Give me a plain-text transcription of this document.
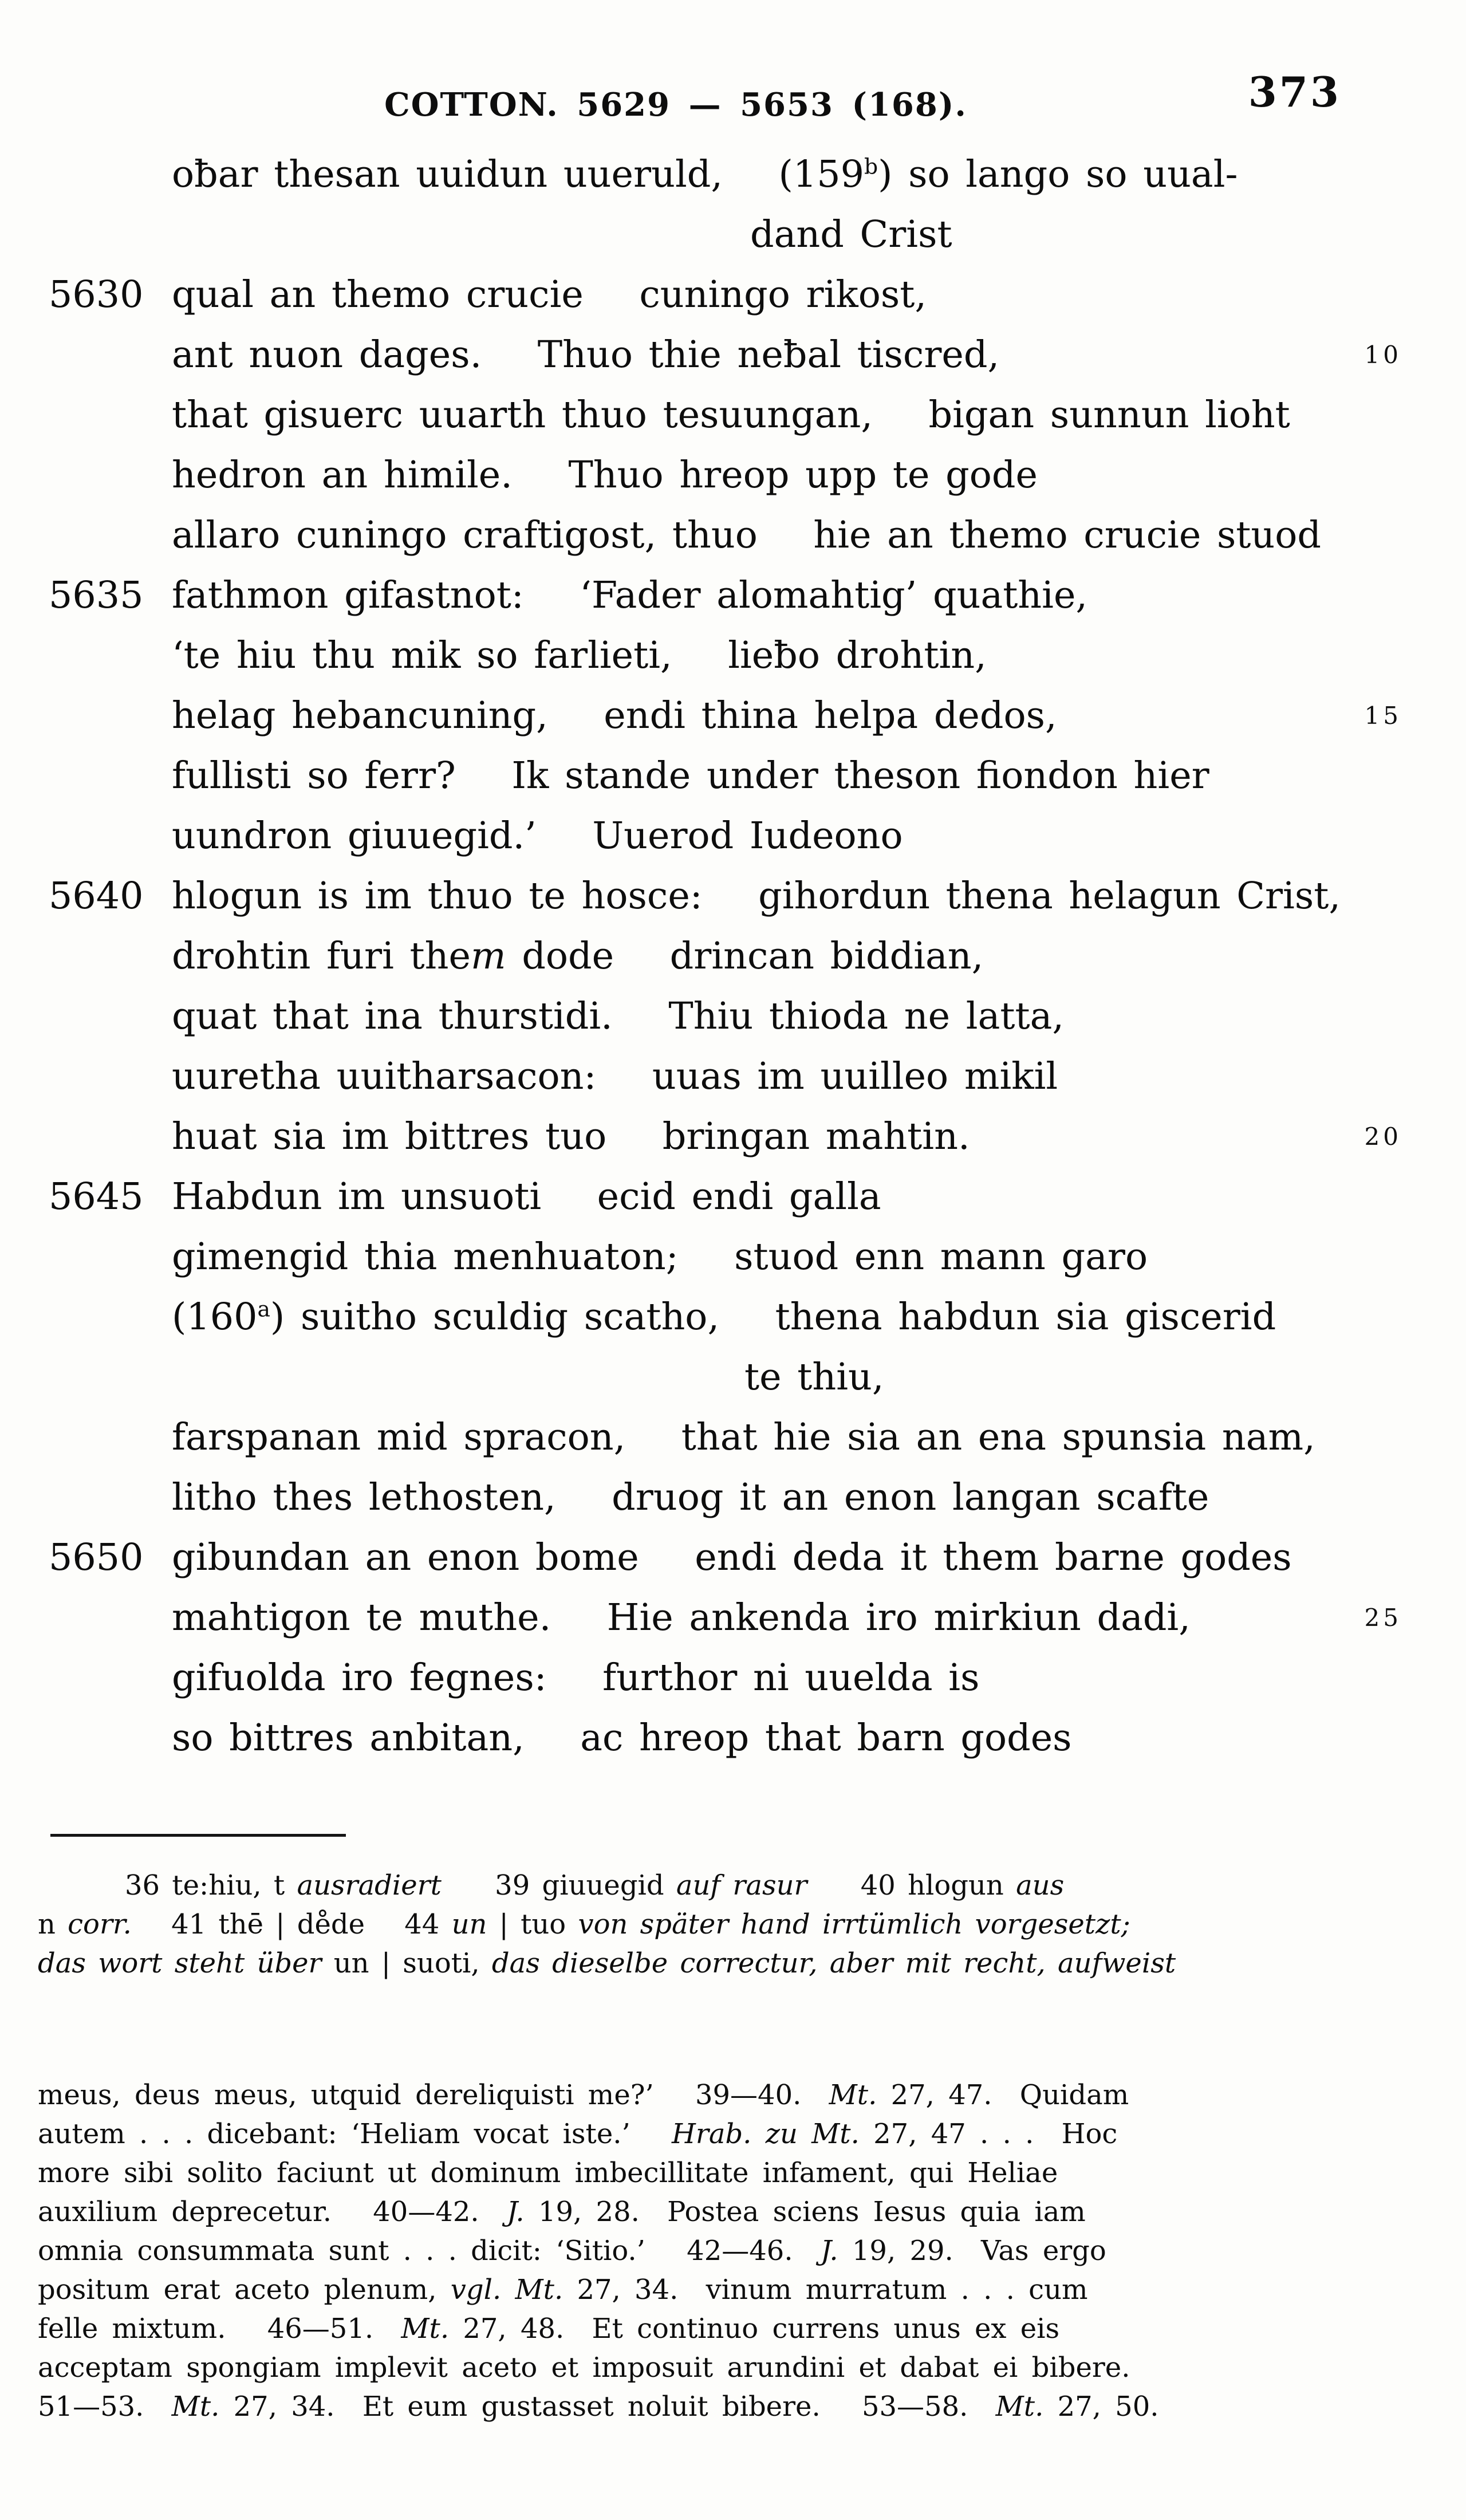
COTTON. 5629 — 5653 (168).	373
oƀar thesan uuidun uueruld,  (159$^b$) so lango so uual-
dand Crist
5630 qual an themo crucie  cuningo rikost,
ant nuon dages.  Thuo thie neƀal tiscred,	10
that gisuerc uuarth thuo tesuungan,  bigan sunnun lioht
hedron an himile.  Thuo hreop upp te gode
allaro cuningo craftigost, thuo  hie an themo crucie stuod
5635 fathmon gifastnot:  ‘Fader alomahtig’ quathie,
‘te hiu thu mik so farlieti,  lieƀo drohtin,
helag hebancuning,  endi thina helpa dedos,	15
fullisti so ferr?  Ik stande under theson fiondon hier
uundron giuuegid.’  Uuerod Iudeono
5640 hlogun is im thuo te hosce:  gihordun thena helagun Crist,
drohtin furi them dode  drincan biddian,
quat that ina thurstidi.  Thiu thioda ne latta,
uuretha uuitharsacon:  uuas im uuilleo mikil
huat sia im bittres tuo  bringan mahtin.	20
5645 Habdun im unsuoti  ecid endi galla
gimengid thia menhuaton;  stuod enn mann garo
(160$^a$) suitho sculdig scatho,  thena habdun sia giscerid
te thiu,
farspanan mid spracon,  that hie sia an ena spunsia nam,
litho thes lethosten,  druog it an enon langan scafte
5650 gibundan an enon bome  endi deda it them barne godes
mahtigon te muthe.  Hie ankenda iro mirkiun dadi,	25
gifuolda iro fegnes:  furthor ni uuelda is
so bittres anbitan,  ac hreop that barn godes
36 te:hiu, t ausradiert   39 giuuegid auf rasur   40 hlogun aus
n corr.  41 thē | de̊de  44 un | tuo von später hand irrtümlich vorgesetzt;
das wort steht über un | suoti, das dieselbe correctur, aber mit recht, aufweist
meus, deus meus, utquid dereliquisti me?’  39—40.  Mt. 27, 47.  Quidam
autem . . . dicebant: ‘Heliam vocat iste.’  Hrab. zu Mt. 27, 47 . . .  Hoc
more sibi solito faciunt ut dominum imbecillitate infament, qui Heliae
auxilium deprecetur.  40—42.  J. 19, 28.  Postea sciens Iesus quia iam
omnia consummata sunt . . . dicit: ‘Sitio.’  42—46.  J. 19, 29.  Vas ergo
positum erat aceto plenum, vgl. Mt. 27, 34.  vinum murratum . . . cum
felle mixtum.  46—51.  Mt. 27, 48.  Et continuo currens unus ex eis
acceptam spongiam implevit aceto et imposuit arundini et dabat ei bibere.
51—53.  Mt. 27, 34.  Et eum gustasset noluit bibere.  53—58.  Mt. 27, 50.
